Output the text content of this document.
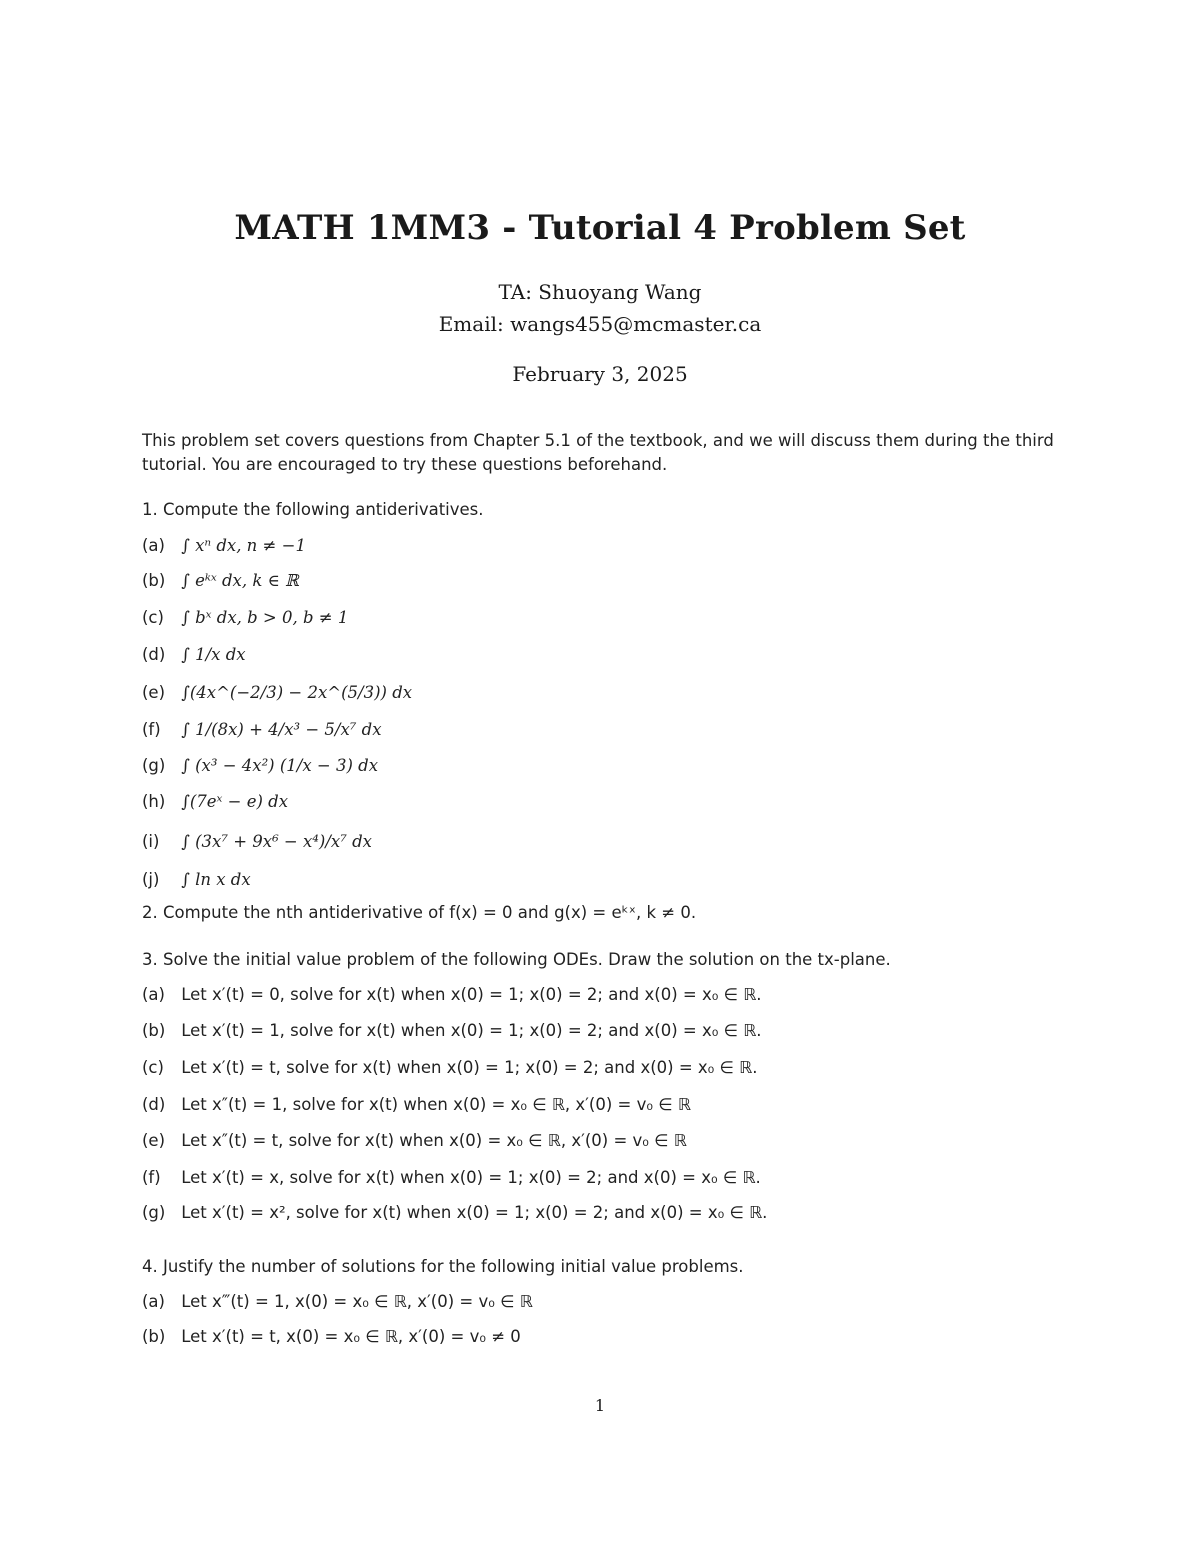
MATH 1MM3 - Tutorial 4 Problem Set
TA: Shuoyang Wang
Email: wangs455@mcmaster.ca
February 3, 2025
This problem set covers questions from Chapter 5.1 of the textbook, and we will discuss them during the third tutorial. You are encouraged to try these questions beforehand.
1. Compute the following antiderivatives.
(a) ∫ xⁿ dx, n ≠ −1
(b) ∫ eᵏˣ dx, k ∈ ℝ
(c) ∫ bˣ dx, b > 0, b ≠ 1
(d) ∫ 1/x dx
(e) ∫(4x^(−2/3) − 2x^(5/3)) dx
(f) ∫ 1/(8x) + 4/x³ − 5/x⁷ dx
(g) ∫ (x³ − 4x²) (1/x − 3) dx
(h) ∫(7eˣ − e) dx
(i) ∫ (3x⁷ + 9x⁶ − x⁴)/x⁷ dx
(j) ∫ ln x dx
2. Compute the nth antiderivative of f(x) = 0 and g(x) = eᵏˣ, k ≠ 0.
3. Solve the initial value problem of the following ODEs. Draw the solution on the tx-plane.
(a) Let x′(t) = 0, solve for x(t) when x(0) = 1; x(0) = 2; and x(0) = x₀ ∈ ℝ.
(b) Let x′(t) = 1, solve for x(t) when x(0) = 1; x(0) = 2; and x(0) = x₀ ∈ ℝ.
(c) Let x′(t) = t, solve for x(t) when x(0) = 1; x(0) = 2; and x(0) = x₀ ∈ ℝ.
(d) Let x″(t) = 1, solve for x(t) when x(0) = x₀ ∈ ℝ, x′(0) = v₀ ∈ ℝ
(e) Let x″(t) = t, solve for x(t) when x(0) = x₀ ∈ ℝ, x′(0) = v₀ ∈ ℝ
(f) Let x′(t) = x, solve for x(t) when x(0) = 1; x(0) = 2; and x(0) = x₀ ∈ ℝ.
(g) Let x′(t) = x², solve for x(t) when x(0) = 1; x(0) = 2; and x(0) = x₀ ∈ ℝ.
4. Justify the number of solutions for the following initial value problems.
(a) Let x‴(t) = 1, x(0) = x₀ ∈ ℝ, x′(0) = v₀ ∈ ℝ
(b) Let x′(t) = t, x(0) = x₀ ∈ ℝ, x′(0) = v₀ ≠ 0
1
